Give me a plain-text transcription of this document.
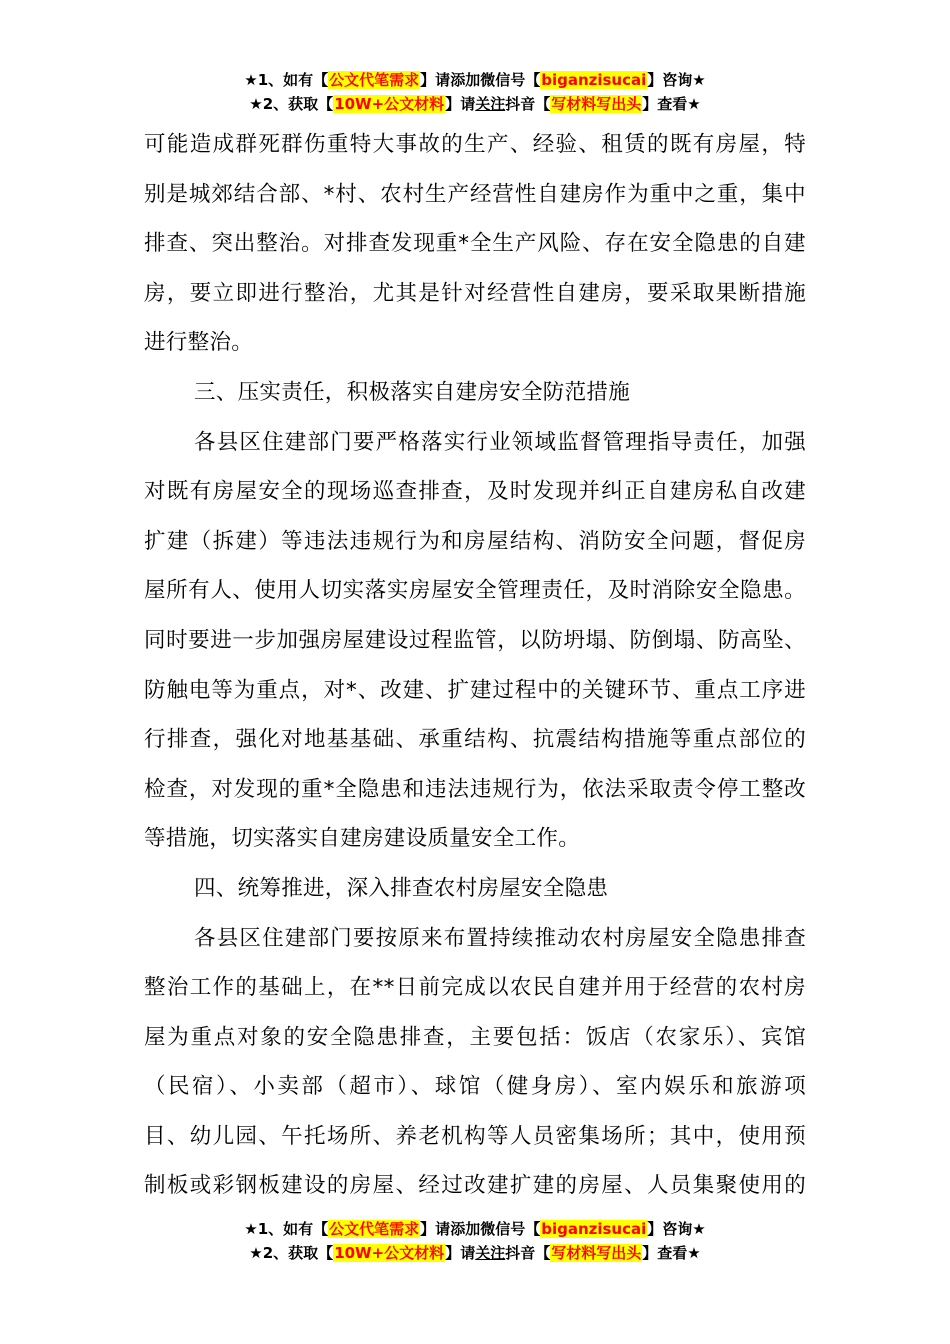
★1、如有【公文代笔需求】请添加微信号【biganzisucai】咨询★
★2、获取【10W+公文材料】请关注抖音【写材料写出头】查看★
可能造成群死群伤重特大事故的生产、经验、租赁的既有房屋，特
别是城郊结合部、*村、农村生产经营性自建房作为重中之重，集中
排查、突出整治。对排查发现重*全生产风险、存在安全隐患的自建
房，要立即进行整治，尤其是针对经营性自建房，要采取果断措施
进行整治。
三、压实责任，积极落实自建房安全防范措施
各县区住建部门要严格落实行业领域监督管理指导责任，加强
对既有房屋安全的现场巡查排查，及时发现并纠正自建房私自改建
扩建（拆建）等违法违规行为和房屋结构、消防安全问题，督促房
屋所有人、使用人切实落实房屋安全管理责任，及时消除安全隐患。
同时要进一步加强房屋建设过程监管，以防坍塌、防倒塌、防高坠、
防触电等为重点，对*、改建、扩建过程中的关键环节、重点工序进
行排查，强化对地基基础、承重结构、抗震结构措施等重点部位的
检查，对发现的重*全隐患和违法违规行为，依法采取责令停工整改
等措施，切实落实自建房建设质量安全工作。
四、统筹推进，深入排查农村房屋安全隐患
各县区住建部门要按原来布置持续推动农村房屋安全隐患排查
整治工作的基础上，在**日前完成以农民自建并用于经营的农村房
屋为重点对象的安全隐患排查，主要包括：饭店（农家乐）、宾馆
（民宿）、小卖部（超市）、球馆（健身房）、室内娱乐和旅游项
目、幼儿园、午托场所、养老机构等人员密集场所；其中，使用预
制板或彩钢板建设的房屋、经过改建扩建的房屋、人员集聚使用的
★1、如有【公文代笔需求】请添加微信号【biganzisucai】咨询★
★2、获取【10W+公文材料】请关注抖音【写材料写出头】查看★
